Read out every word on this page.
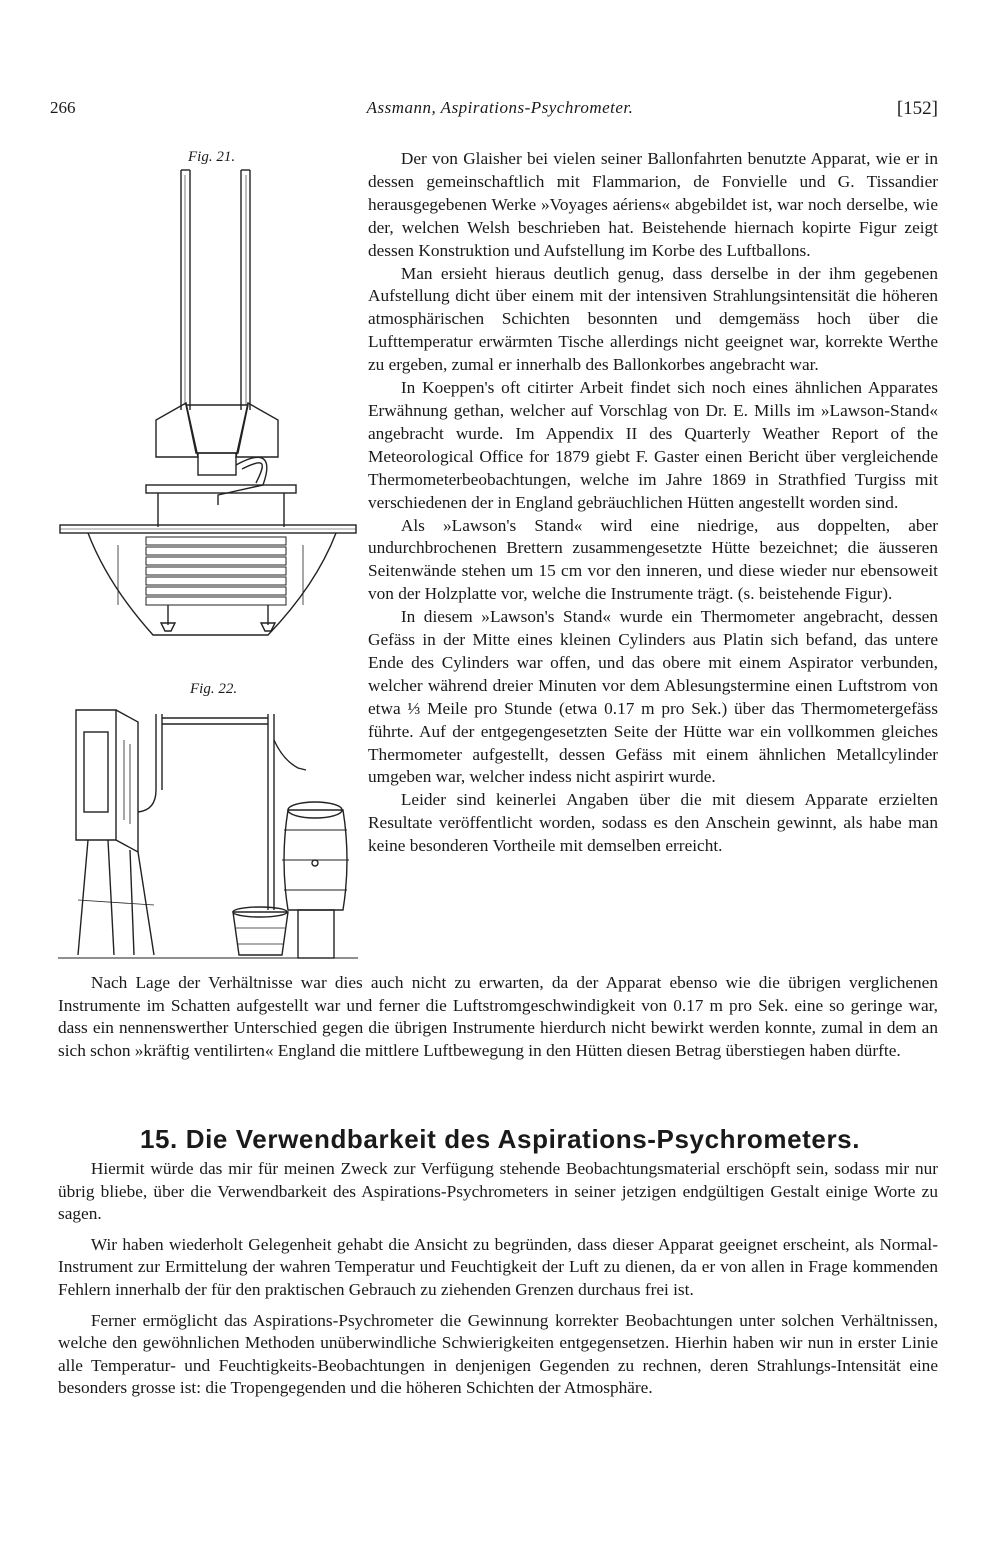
266	Assmann, Aspirations-Psychrometer.	[152]
Fig. 21.
Fig. 22.

Der von Glaisher bei vielen seiner Ballonfahrten benutzte Apparat, wie er in dessen gemeinschaftlich mit Flammarion, de Fonvielle und G. Tissandier herausgegebenen Werke »Voyages aériens« abgebildet ist, war noch derselbe, wie der, welchen Welsh beschrieben hat. Beistehende hiernach kopirte Figur zeigt dessen Konstruktion und Aufstellung im Korbe des Luftballons.

Man ersieht hieraus deutlich genug, dass derselbe in der ihm gegebenen Aufstellung dicht über einem mit der intensiven Strahlungsintensität die höheren atmosphärischen Schichten besonnten und demgemäss hoch über die Lufttemperatur erwärmten Tische allerdings nicht geeignet war, korrekte Werthe zu ergeben, zumal er innerhalb des Ballonkorbes angebracht war.

In Koeppen's oft citirter Arbeit findet sich noch eines ähnlichen Apparates Erwähnung gethan, welcher auf Vorschlag von Dr. E. Mills im »Lawson-Stand« angebracht wurde. Im Appendix II des Quarterly Weather Report of the Meteorological Office for 1879 giebt F. Gaster einen Bericht über vergleichende Thermometerbeobachtungen, welche im Jahre 1869 in Strathfied Turgiss mit verschiedenen der in England gebräuchlichen Hütten angestellt worden sind.

Als »Lawson's Stand« wird eine niedrige, aus doppelten, aber undurchbrochenen Brettern zusammengesetzte Hütte bezeichnet; die äusseren Seitenwände stehen um 15 cm vor den inneren, und diese wieder nur ebensoweit von der Holzplatte vor, welche die Instrumente trägt. (s. beistehende Figur).

In diesem »Lawson's Stand« wurde ein Thermometer angebracht, dessen Gefäss in der Mitte eines kleinen Cylinders aus Platin sich befand, das untere Ende des Cylinders war offen, und das obere mit einem Aspirator verbunden, welcher während dreier Minuten vor dem Ablesungstermine einen Luftstrom von etwa ⅓ Meile pro Stunde (etwa 0.17 m pro Sek.) über das Thermometergefäss führte. Auf der entgegengesetzten Seite der Hütte war ein vollkommen gleiches Thermometer aufgestellt, dessen Gefäss mit einem ähnlichen Metallcylinder umgeben war, welcher indess nicht aspirirt wurde.

Leider sind keinerlei Angaben über die mit diesem Apparate erzielten Resultate veröffentlicht worden, sodass es den Anschein gewinnt, als habe man keine besonderen Vortheile mit demselben erreicht.

Nach Lage der Verhältnisse war dies auch nicht zu erwarten, da der Apparat ebenso wie die übrigen verglichenen Instrumente im Schatten aufgestellt war und ferner die Luftstromgeschwindigkeit von 0.17 m pro Sek. eine so geringe war, dass ein nennenswerther Unterschied gegen die übrigen Instrumente hierdurch nicht bewirkt werden konnte, zumal in dem an sich schon »kräftig ventilirten« England die mittlere Luftbewegung in den Hütten diesen Betrag überstiegen haben dürfte.

15. Die Verwendbarkeit des Aspirations-Psychrometers.

Hiermit würde das mir für meinen Zweck zur Verfügung stehende Beobachtungsmaterial erschöpft sein, sodass mir nur übrig bliebe, über die Verwendbarkeit des Aspirations-Psychrometers in seiner jetzigen endgültigen Gestalt einige Worte zu sagen.

Wir haben wiederholt Gelegenheit gehabt die Ansicht zu begründen, dass dieser Apparat geeignet erscheint, als Normal-Instrument zur Ermittelung der wahren Temperatur und Feuchtigkeit der Luft zu dienen, da er von allen in Frage kommenden Fehlern innerhalb der für den praktischen Gebrauch zu ziehenden Grenzen durchaus frei ist.

Ferner ermöglicht das Aspirations-Psychrometer die Gewinnung korrekter Beobachtungen unter solchen Verhältnissen, welche den gewöhnlichen Methoden unüberwindliche Schwierigkeiten entgegensetzen. Hierhin haben wir nun in erster Linie alle Temperatur- und Feuchtigkeits-Beobachtungen in denjenigen Gegenden zu rechnen, deren Strahlungs-Intensität eine besonders grosse ist: die Tropengegenden und die höheren Schichten der Atmosphäre.
